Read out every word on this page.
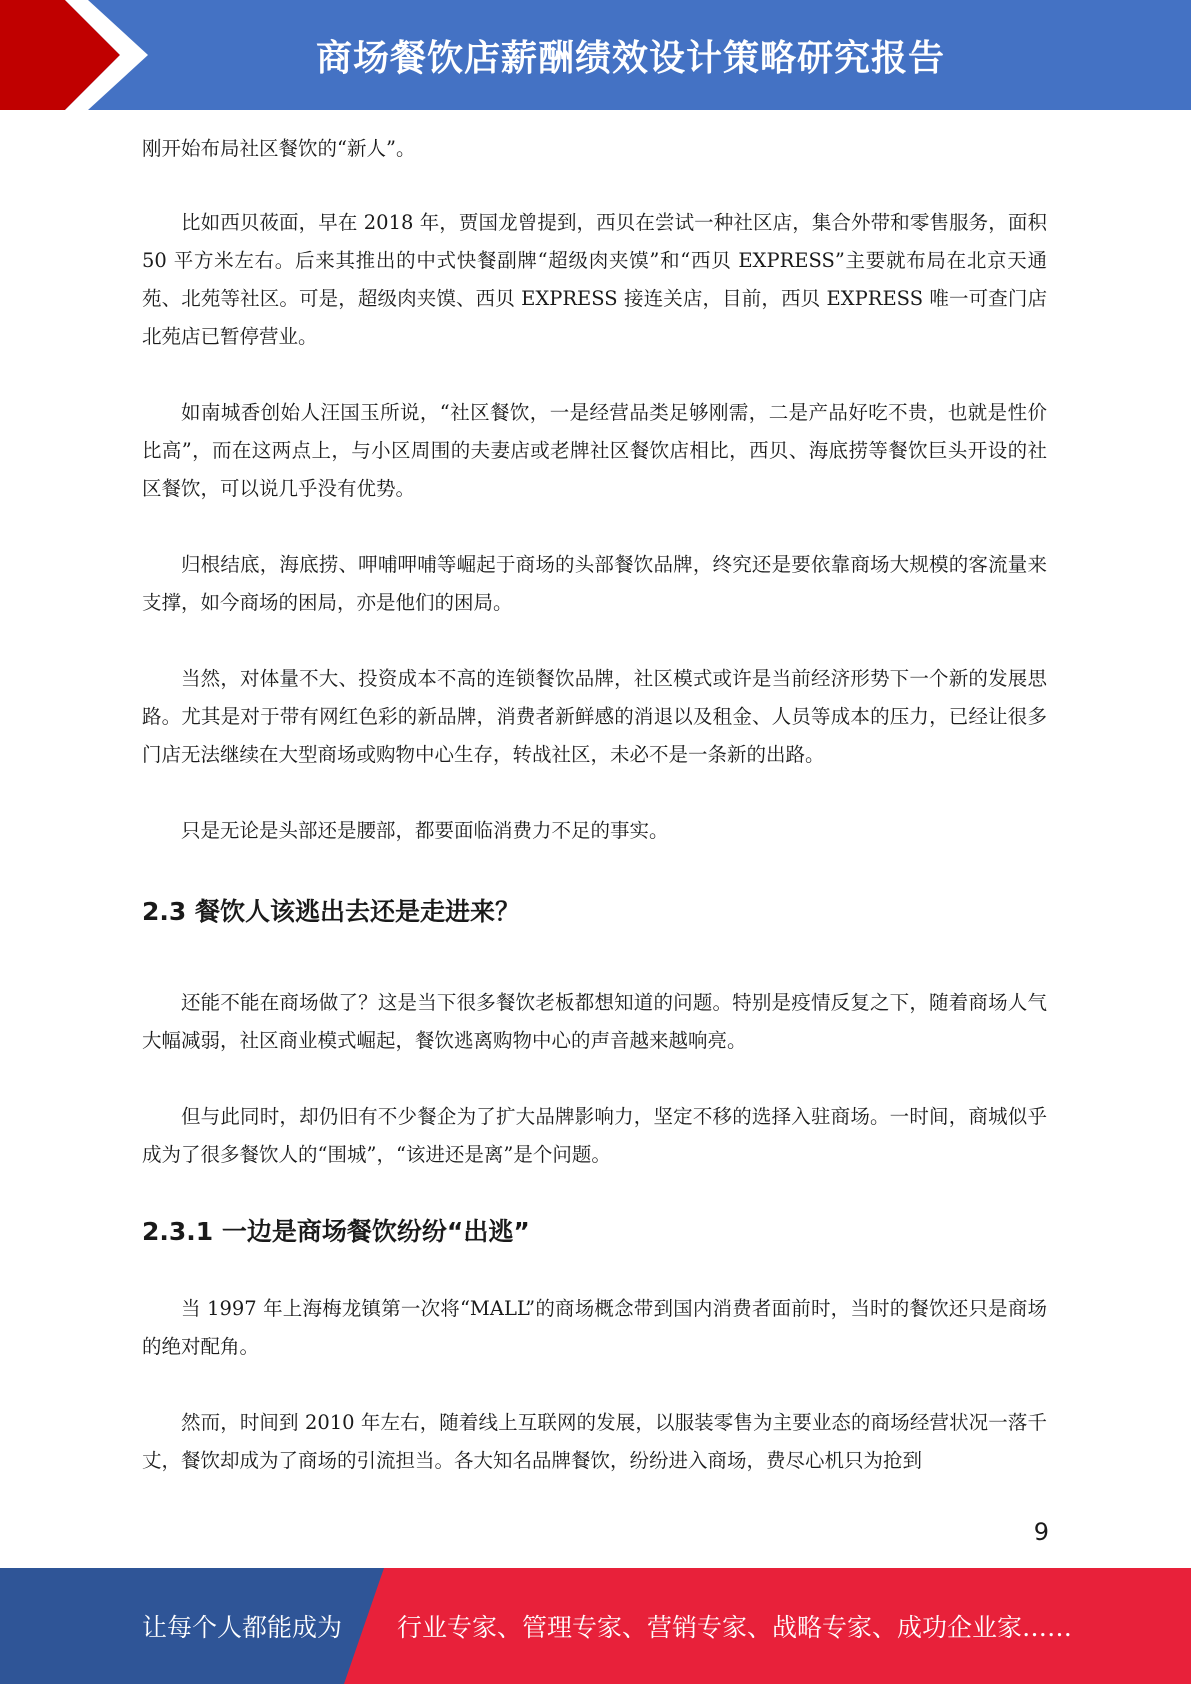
商场餐饮店薪酬绩效设计策略研究报告

刚开始布局社区餐饮的“新人”。

比如西贝莜面，早在 2018 年，贾国龙曾提到，西贝在尝试一种社区店，集合外带和零售服务，面积 50 平方米左右。后来其推出的中式快餐副牌“超级肉夹馍”和“西贝 EXPRESS”主要就布局在北京天通苑、北苑等社区。可是，超级肉夹馍、西贝 EXPRESS 接连关店，目前，西贝 EXPRESS 唯一可查门店北苑店已暂停营业。

如南城香创始人汪国玉所说，“社区餐饮，一是经营品类足够刚需，二是产品好吃不贵，也就是性价比高”，而在这两点上，与小区周围的夫妻店或老牌社区餐饮店相比，西贝、海底捞等餐饮巨头开设的社区餐饮，可以说几乎没有优势。

归根结底，海底捞、呷哺呷哺等崛起于商场的头部餐饮品牌，终究还是要依靠商场大规模的客流量来支撑，如今商场的困局，亦是他们的困局。

当然，对体量不大、投资成本不高的连锁餐饮品牌，社区模式或许是当前经济形势下一个新的发展思路。尤其是对于带有网红色彩的新品牌，消费者新鲜感的消退以及租金、人员等成本的压力，已经让很多门店无法继续在大型商场或购物中心生存，转战社区，未必不是一条新的出路。

只是无论是头部还是腰部，都要面临消费力不足的事实。

2.3 餐饮人该逃出去还是走进来？

还能不能在商场做了？这是当下很多餐饮老板都想知道的问题。特别是疫情反复之下，随着商场人气大幅减弱，社区商业模式崛起，餐饮逃离购物中心的声音越来越响亮。

但与此同时，却仍旧有不少餐企为了扩大品牌影响力，坚定不移的选择入驻商场。一时间，商城似乎成为了很多餐饮人的“围城”，“该进还是离”是个问题。

2.3.1 一边是商场餐饮纷纷“出逃”

当 1997 年上海梅龙镇第一次将“MALL”的商场概念带到国内消费者面前时，当时的餐饮还只是商场的绝对配角。

然而，时间到 2010 年左右，随着线上互联网的发展，以服装零售为主要业态的商场经营状况一落千丈，餐饮却成为了商场的引流担当。各大知名品牌餐饮，纷纷进入商场，费尽心机只为抢到

9
让每个人都能成为 行业专家、管理专家、营销专家、战略专家、成功企业家……
